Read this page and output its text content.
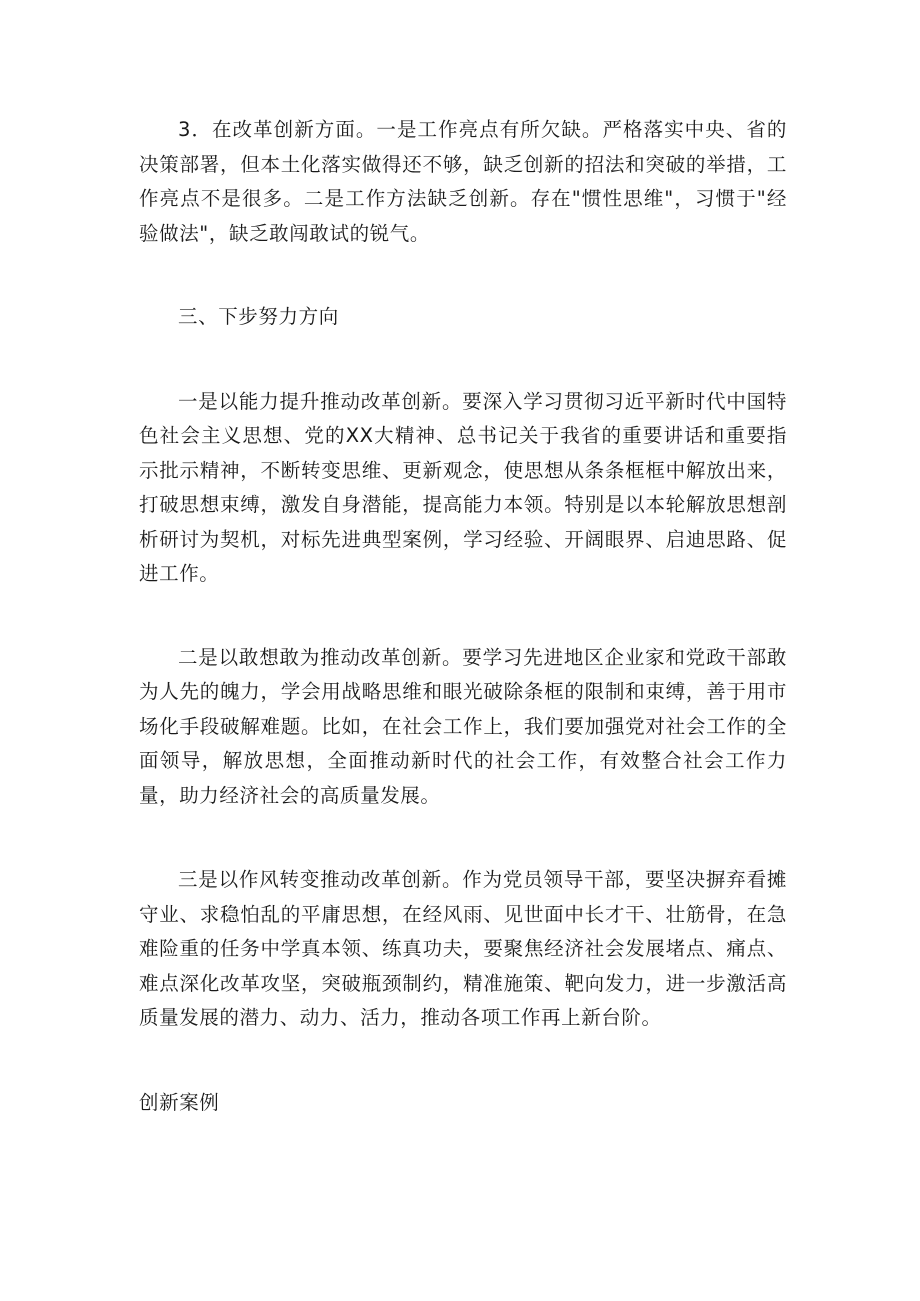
3．在改革创新方面。一是工作亮点有所欠缺。严格落实中央、省的决策部署，但本土化落实做得还不够，缺乏创新的招法和突破的举措，工作亮点不是很多。二是工作方法缺乏创新。存在"惯性思维"，习惯于"经验做法"，缺乏敢闯敢试的锐气。

三、下步努力方向

一是以能力提升推动改革创新。要深入学习贯彻习近平新时代中国特色社会主义思想、党的XX大精神、总书记关于我省的重要讲话和重要指示批示精神，不断转变思维、更新观念，使思想从条条框框中解放出来，打破思想束缚，激发自身潜能，提高能力本领。特别是以本轮解放思想剖析研讨为契机，对标先进典型案例，学习经验、开阔眼界、启迪思路、促进工作。

二是以敢想敢为推动改革创新。要学习先进地区企业家和党政干部敢为人先的魄力，学会用战略思维和眼光破除条框的限制和束缚，善于用市场化手段破解难题。比如，在社会工作上，我们要加强党对社会工作的全面领导，解放思想，全面推动新时代的社会工作，有效整合社会工作力量，助力经济社会的高质量发展。

三是以作风转变推动改革创新。作为党员领导干部，要坚决摒弃看摊守业、求稳怕乱的平庸思想，在经风雨、见世面中长才干、壮筋骨，在急难险重的任务中学真本领、练真功夫，要聚焦经济社会发展堵点、痛点、难点深化改革攻坚，突破瓶颈制约，精准施策、靶向发力，进一步激活高质量发展的潜力、动力、活力，推动各项工作再上新台阶。

创新案例
